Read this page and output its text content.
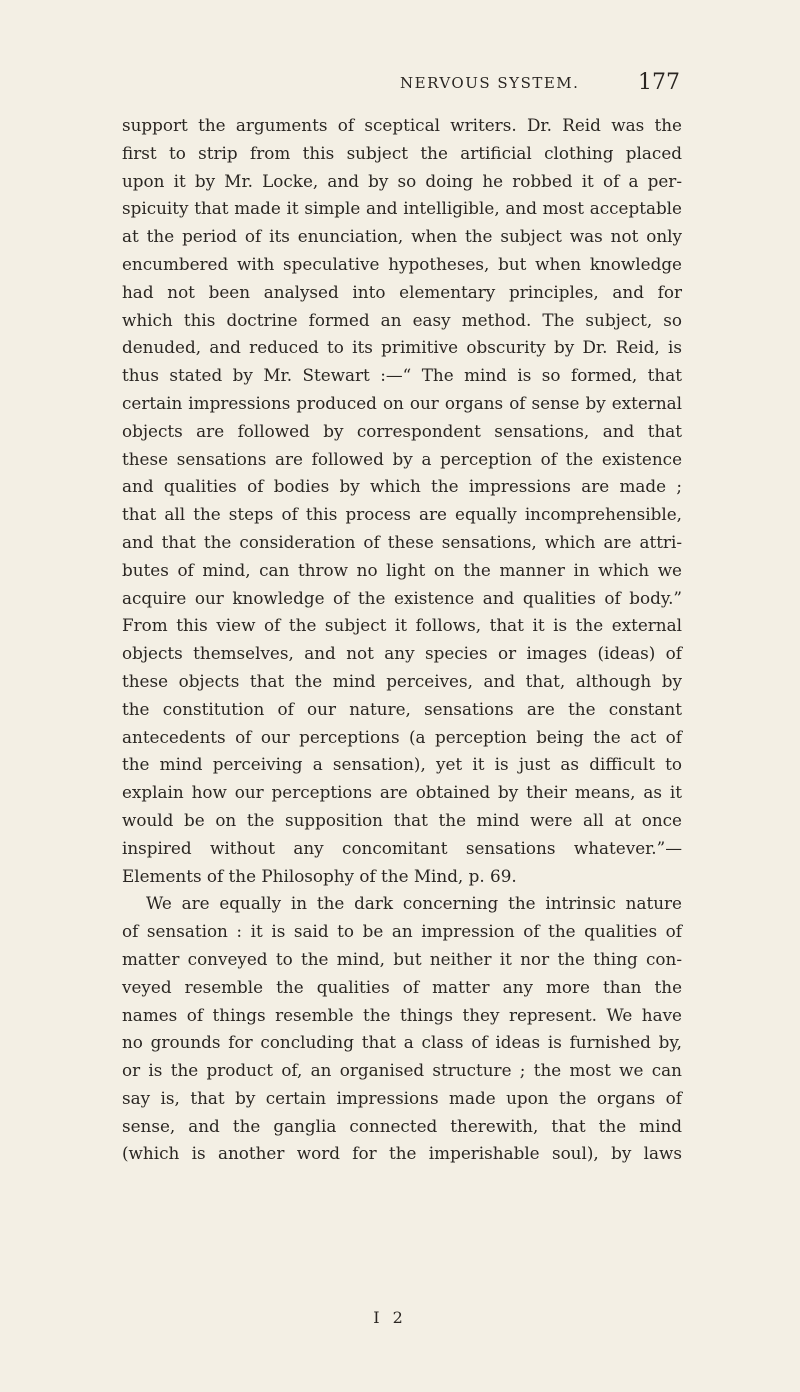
NERVOUS SYSTEM.	177
support the arguments of sceptical writers. Dr. Reid was the
first to strip from this subject the artificial clothing placed
upon it by Mr. Locke, and by so doing he robbed it of a per-
spicuity that made it simple and intelligible, and most acceptable
at the period of its enunciation, when the subject was not only
encumbered with speculative hypotheses, but when knowledge
had not been analysed into elementary principles, and for
which this doctrine formed an easy method. The subject, so
denuded, and reduced to its primitive obscurity by Dr. Reid, is
thus stated by Mr. Stewart :—“ The mind is so formed, that
certain impressions produced on our organs of sense by external
objects are followed by correspondent sensations, and that
these sensations are followed by a perception of the existence
and qualities of bodies by which the impressions are made ;
that all the steps of this process are equally incomprehensible,
and that the consideration of these sensations, which are attri-
butes of mind, can throw no light on the manner in which we
acquire our knowledge of the existence and qualities of body.”
From this view of the subject it follows, that it is the external
objects themselves, and not any species or images (ideas) of
these objects that the mind perceives, and that, although by
the constitution of our nature, sensations are the constant
antecedents of our perceptions (a perception being the act of
the mind perceiving a sensation), yet it is just as difficult to
explain how our perceptions are obtained by their means, as it
would be on the supposition that the mind were all at once
inspired without any concomitant sensations whatever.”—
Elements of the Philosophy of the Mind, p. 69.
We are equally in the dark concerning the intrinsic nature
of sensation : it is said to be an impression of the qualities of
matter conveyed to the mind, but neither it nor the thing con-
veyed resemble the qualities of matter any more than the
names of things resemble the things they represent. We have
no grounds for concluding that a class of ideas is furnished by,
or is the product of, an organised structure ; the most we can
say is, that by certain impressions made upon the organs of
sense, and the ganglia connected therewith, that the mind
(which is another word for the imperishable soul), by laws
I 2
